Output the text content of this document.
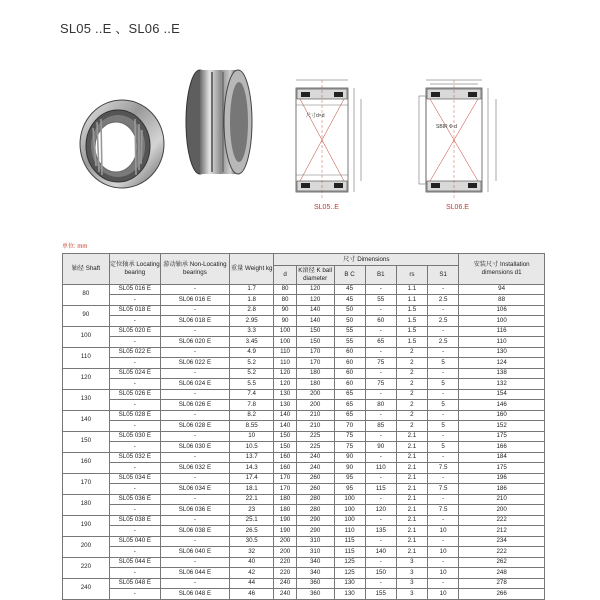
SL05 ..E 、SL06 ..E
尺寸d×d
SL05..E
SBIR Ф d
SL06.E
单位: mm
轴径 Shaft	定位轴承 Locating bearing	游动轴承 Non-Locating bearings	重量 Weight kg	尺寸 Dimensions						安装尺寸 Installation dimensions d1
				d	K滚径 K ball diameter	B C	B1	rs	S1	
80	SL05 016 E	-	1.7	80	120	45	-	1.1	-	94
	-	SL06 016 E	1.8	80	120	45	55	1.1	2.5	88
90	SL05 018 E	-	2.8	90	140	50	-	1.5	-	106
	-	SL06 018 E	2.95	90	140	50	60	1.5	2.5	100
100	SL05 020 E	-	3.3	100	150	55	-	1.5	-	116
	-	SL06 020 E	3.45	100	150	55	65	1.5	2.5	110
110	SL05 022 E	-	4.9	110	170	60	-	2	-	130
	-	SL06 022 E	5.2	110	170	60	75	2	5	124
120	SL05 024 E	-	5.2	120	180	60	-	2	-	138
	-	SL06 024 E	5.5	120	180	60	75	2	5	132
130	SL05 026 E	-	7.4	130	200	65	-	2	-	154
	-	SL06 026 E	7.8	130	200	65	80	2	5	146
140	SL05 028 E	-	8.2	140	210	65	-	2	-	160
	-	SL06 028 E	8.55	140	210	70	85	2	5	152
150	SL05 030 E	-	10	150	225	75	-	2.1	-	175
	-	SL06 030 E	10.5	150	225	75	90	2.1	5	166
160	SL05 032 E	-	13.7	160	240	90	-	2.1	-	184
	-	SL06 032 E	14.3	160	240	90	110	2.1	7.5	175
170	SL05 034 E	-	17.4	170	260	95	-	2.1	-	196
	-	SL06 034 E	18.1	170	260	95	115	2.1	7.5	186
180	SL05 036 E	-	22.1	180	280	100	-	2.1	-	210
	-	SL06 036 E	23	180	280	100	120	2.1	7.5	200
190	SL05 038 E	-	25.1	190	290	100	-	2.1	-	222
	-	SL06 038 E	26.5	190	290	110	135	2.1	10	212
200	SL05 040 E	-	30.5	200	310	115	-	2.1	-	234
	-	SL06 040 E	32	200	310	115	140	2.1	10	222
220	SL05 044 E	-	40	220	340	125	-	3	-	262
	-	SL06 044 E	42	220	340	125	150	3	10	248
240	SL05 048 E	-	44	240	360	130	-	3	-	278
	-	SL06 048 E	46	240	360	130	155	3	10	266
